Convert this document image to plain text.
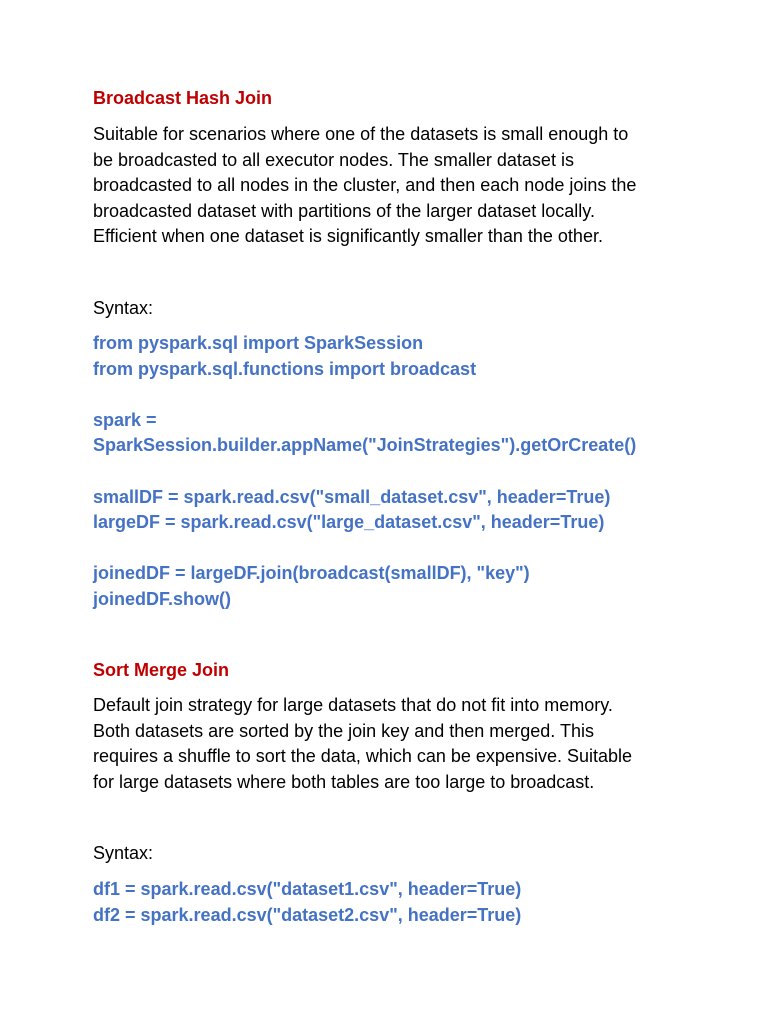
Broadcast Hash Join
Suitable for scenarios where one of the datasets is small enough to
be broadcasted to all executor nodes. The smaller dataset is
broadcasted to all nodes in the cluster, and then each node joins the
broadcasted dataset with partitions of the larger dataset locally.
Efficient when one dataset is significantly smaller than the other.
Syntax:
from pyspark.sql import SparkSession
from pyspark.sql.functions import broadcast
spark =
SparkSession.builder.appName("JoinStrategies").getOrCreate()
smallDF = spark.read.csv("small_dataset.csv", header=True)
largeDF = spark.read.csv("large_dataset.csv", header=True)
joinedDF = largeDF.join(broadcast(smallDF), "key")
joinedDF.show()
Sort Merge Join
Default join strategy for large datasets that do not fit into memory.
Both datasets are sorted by the join key and then merged. This
requires a shuffle to sort the data, which can be expensive. Suitable
for large datasets where both tables are too large to broadcast.
Syntax:
df1 = spark.read.csv("dataset1.csv", header=True)
df2 = spark.read.csv("dataset2.csv", header=True)
